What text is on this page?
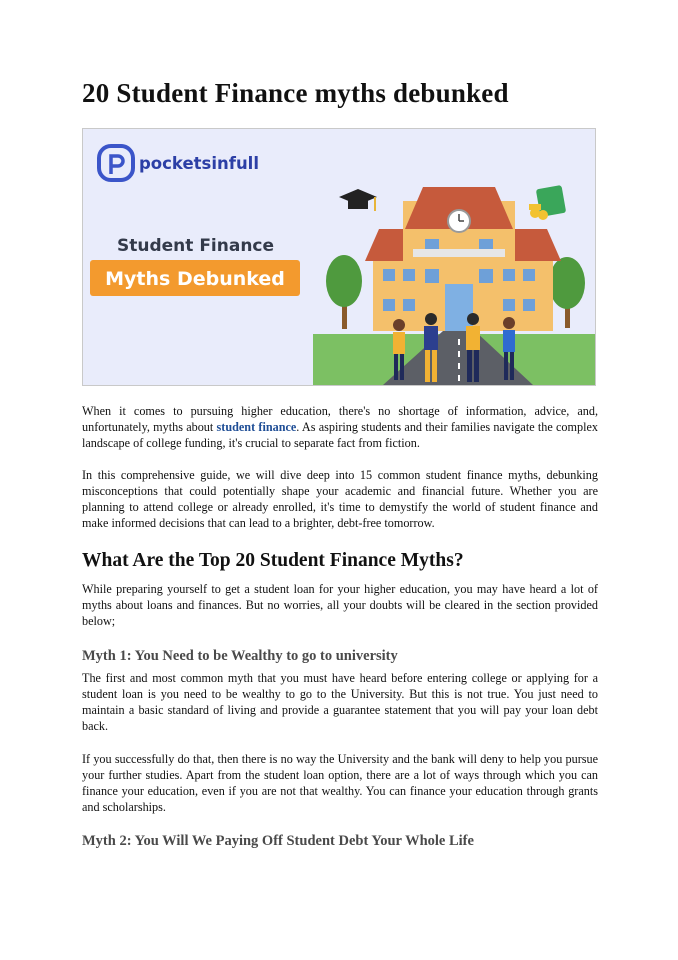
20 Student Finance myths debunked
pocketsinfull
Student Finance
Myths Debunked

When it comes to pursuing higher education, there's no shortage of information, advice, and, unfortunately, myths about student finance. As aspiring students and their families navigate the complex landscape of college funding, it's crucial to separate fact from fiction.

In this comprehensive guide, we will dive deep into 15 common student finance myths, debunking misconceptions that could potentially shape your academic and financial future. Whether you are planning to attend college or already enrolled, it's time to demystify the world of student finance and make informed decisions that can lead to a brighter, debt-free tomorrow.

What Are the Top 20 Student Finance Myths?

While preparing yourself to get a student loan for your higher education, you may have heard a lot of myths about loans and finances. But no worries, all your doubts will be cleared in the section provided below;

Myth 1: You Need to be Wealthy to go to university

The first and most common myth that you must have heard before entering college or applying for a student loan is you need to be wealthy to go to the University. But this is not true. You just need to maintain a basic standard of living and provide a guarantee statement that you will pay your loan debt back.

If you successfully do that, then there is no way the University and the bank will deny to help you pursue your further studies. Apart from the student loan option, there are a lot of ways through which you can finance your education, even if you are not that wealthy. You can finance your education through grants and scholarships.

Myth 2: You Will We Paying Off Student Debt Your Whole Life
